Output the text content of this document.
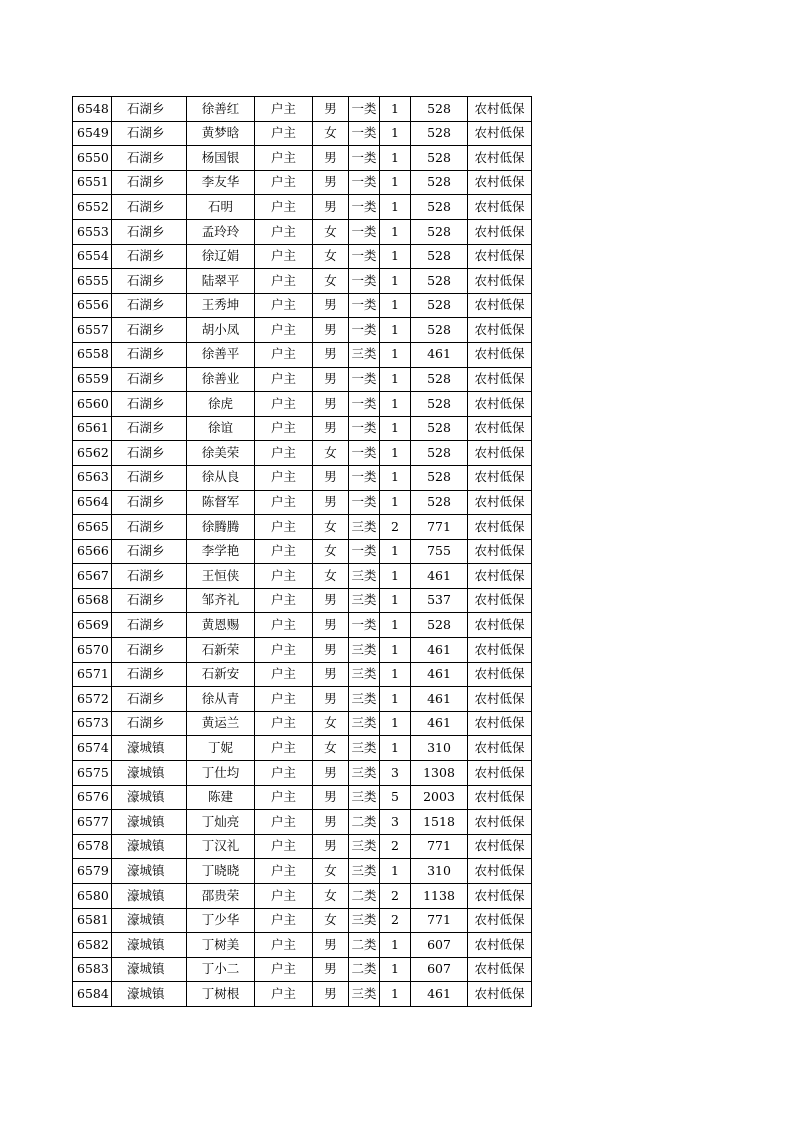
6548	石湖乡	徐善红	户主	男	一类	1	528	农村低保
6549	石湖乡	黄梦晗	户主	女	一类	1	528	农村低保
6550	石湖乡	杨国银	户主	男	一类	1	528	农村低保
6551	石湖乡	李友华	户主	男	一类	1	528	农村低保
6552	石湖乡	石明	户主	男	一类	1	528	农村低保
6553	石湖乡	孟玲玲	户主	女	一类	1	528	农村低保
6554	石湖乡	徐辽娟	户主	女	一类	1	528	农村低保
6555	石湖乡	陆翠平	户主	女	一类	1	528	农村低保
6556	石湖乡	王秀坤	户主	男	一类	1	528	农村低保
6557	石湖乡	胡小凤	户主	男	一类	1	528	农村低保
6558	石湖乡	徐善平	户主	男	三类	1	461	农村低保
6559	石湖乡	徐善业	户主	男	一类	1	528	农村低保
6560	石湖乡	徐虎	户主	男	一类	1	528	农村低保
6561	石湖乡	徐谊	户主	男	一类	1	528	农村低保
6562	石湖乡	徐美荣	户主	女	一类	1	528	农村低保
6563	石湖乡	徐从良	户主	男	一类	1	528	农村低保
6564	石湖乡	陈督军	户主	男	一类	1	528	农村低保
6565	石湖乡	徐腾腾	户主	女	三类	2	771	农村低保
6566	石湖乡	李学艳	户主	女	一类	1	755	农村低保
6567	石湖乡	王恒侠	户主	女	三类	1	461	农村低保
6568	石湖乡	邹齐礼	户主	男	三类	1	537	农村低保
6569	石湖乡	黄恩赐	户主	男	一类	1	528	农村低保
6570	石湖乡	石新荣	户主	男	三类	1	461	农村低保
6571	石湖乡	石新安	户主	男	三类	1	461	农村低保
6572	石湖乡	徐从青	户主	男	三类	1	461	农村低保
6573	石湖乡	黄运兰	户主	女	三类	1	461	农村低保
6574	濠城镇	丁妮	户主	女	三类	1	310	农村低保
6575	濠城镇	丁仕均	户主	男	三类	3	1308	农村低保
6576	濠城镇	陈建	户主	男	三类	5	2003	农村低保
6577	濠城镇	丁灿亮	户主	男	二类	3	1518	农村低保
6578	濠城镇	丁汉礼	户主	男	三类	2	771	农村低保
6579	濠城镇	丁晓晓	户主	女	三类	1	310	农村低保
6580	濠城镇	邵贵荣	户主	女	二类	2	1138	农村低保
6581	濠城镇	丁少华	户主	女	三类	2	771	农村低保
6582	濠城镇	丁树美	户主	男	二类	1	607	农村低保
6583	濠城镇	丁小二	户主	男	二类	1	607	农村低保
6584	濠城镇	丁树根	户主	男	三类	1	461	农村低保
